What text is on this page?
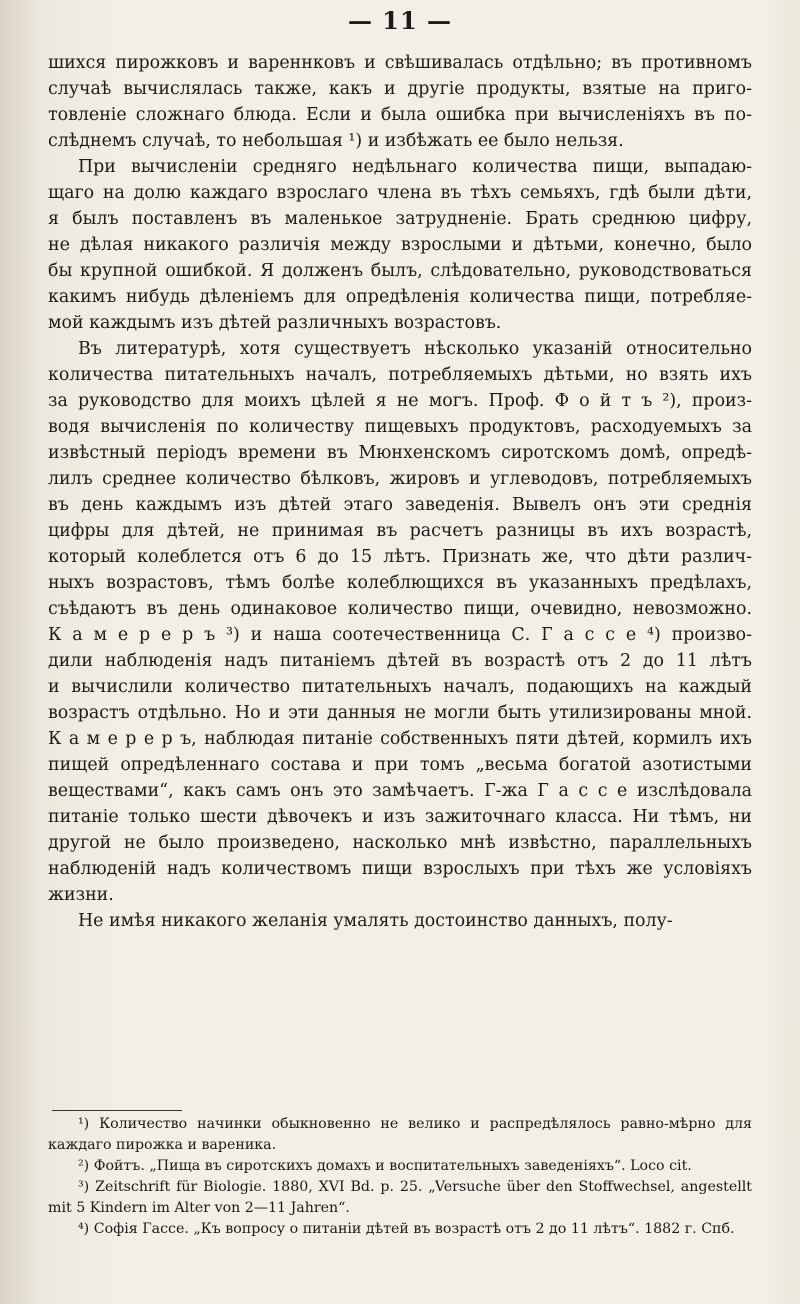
— 11 —

шихся пирожковъ и вареннковъ и свѣшивалась отдѣльно; въ противномъ
случаѣ вычислялась также, какъ и другіе продукты, взятые на приго-
товленіе сложнаго блюда. Если и была ошибка при вычисленіяхъ въ по-
слѣднемъ случаѣ, то небольшая ¹) и избѣжать ее было нельзя.

При вычисленіи средняго недѣльнаго количества пищи, выпадаю-
щаго на долю каждаго взрослаго члена въ тѣхъ семьяхъ, гдѣ были дѣти,
я былъ поставленъ въ маленькое затрудненіе. Брать среднюю цифру,
не дѣлая никакого различія между взрослыми и дѣтьми, конечно, было
бы крупной ошибкой. Я долженъ былъ, слѣдовательно, руководствоваться
какимъ нибудь дѣленіемъ для опредѣленія количества пищи, потребляе-
мой каждымъ изъ дѣтей различныхъ возрастовъ.

Въ литературѣ, хотя существуетъ нѣсколько указаній относительно
количества питательныхъ началъ, потребляемыхъ дѣтьми, но взять ихъ
за руководство для моихъ цѣлей я не могъ. Проф. Ф о й т ъ ²), произ-
водя вычисленія по количеству пищевыхъ продуктовъ, расходуемыхъ за
извѣстный періодъ времени въ Мюнхенскомъ сиротскомъ домѣ, опредѣ-
лилъ среднее количество бѣлковъ, жировъ и углеводовъ, потребляемыхъ
въ день каждымъ изъ дѣтей этаго заведенія. Вывелъ онъ эти среднія
цифры для дѣтей, не принимая въ расчетъ разницы въ ихъ возрастѣ,
который колеблется отъ 6 до 15 лѣтъ. Признать же, что дѣти различ-
ныхъ возрастовъ, тѣмъ болѣе колеблющихся въ указанныхъ предѣлахъ,
съѣдаютъ въ день одинаковое количество пищи, очевидно, невозможно.
К а м е р е р ъ ³) и наша соотечественница С. Г а с с е ⁴) произво-
дили наблюденія надъ питаніемъ дѣтей въ возрастѣ отъ 2 до 11 лѣтъ
и вычислили количество питательныхъ началъ, подающихъ на каждый
возрастъ отдѣльно. Но и эти данныя не могли быть утилизированы мной.
К а м е р е р ъ, наблюдая питаніе собственныхъ пяти дѣтей, кормилъ ихъ
пищей опредѣленнаго состава и при томъ „весьма богатой азотистыми
веществами“, какъ самъ онъ это замѣчаетъ. Г-жа Г а с с е изслѣдовала
питаніе только шести дѣвочекъ и изъ зажиточнаго класса. Ни тѣмъ, ни
другой не было произведено, насколько мнѣ извѣстно, параллельныхъ
наблюденій надъ количествомъ пищи взрослыхъ при тѣхъ же условіяхъ
жизни.

Не имѣя никакого желанія умалять достоинство данныхъ, полу-

¹) Количество начинки обыкновенно не велико и распредѣлялось равно-мѣрно для каждаго пирожка и вареника.

²) Фойтъ. „Пища въ сиротскихъ домахъ и воспитательныхъ заведеніяхъ“. Loco cit.

³) Zeitschrift für Biologie. 1880, XVI Bd. p. 25. „Versuche über den Stoffwechsel, angestellt mit 5 Kindern im Alter von 2—11 Jahren“.

⁴) Софія Гассе. „Къ вопросу о питаніи дѣтей въ возрастѣ отъ 2 до 11 лѣтъ“. 1882 г. Спб.
